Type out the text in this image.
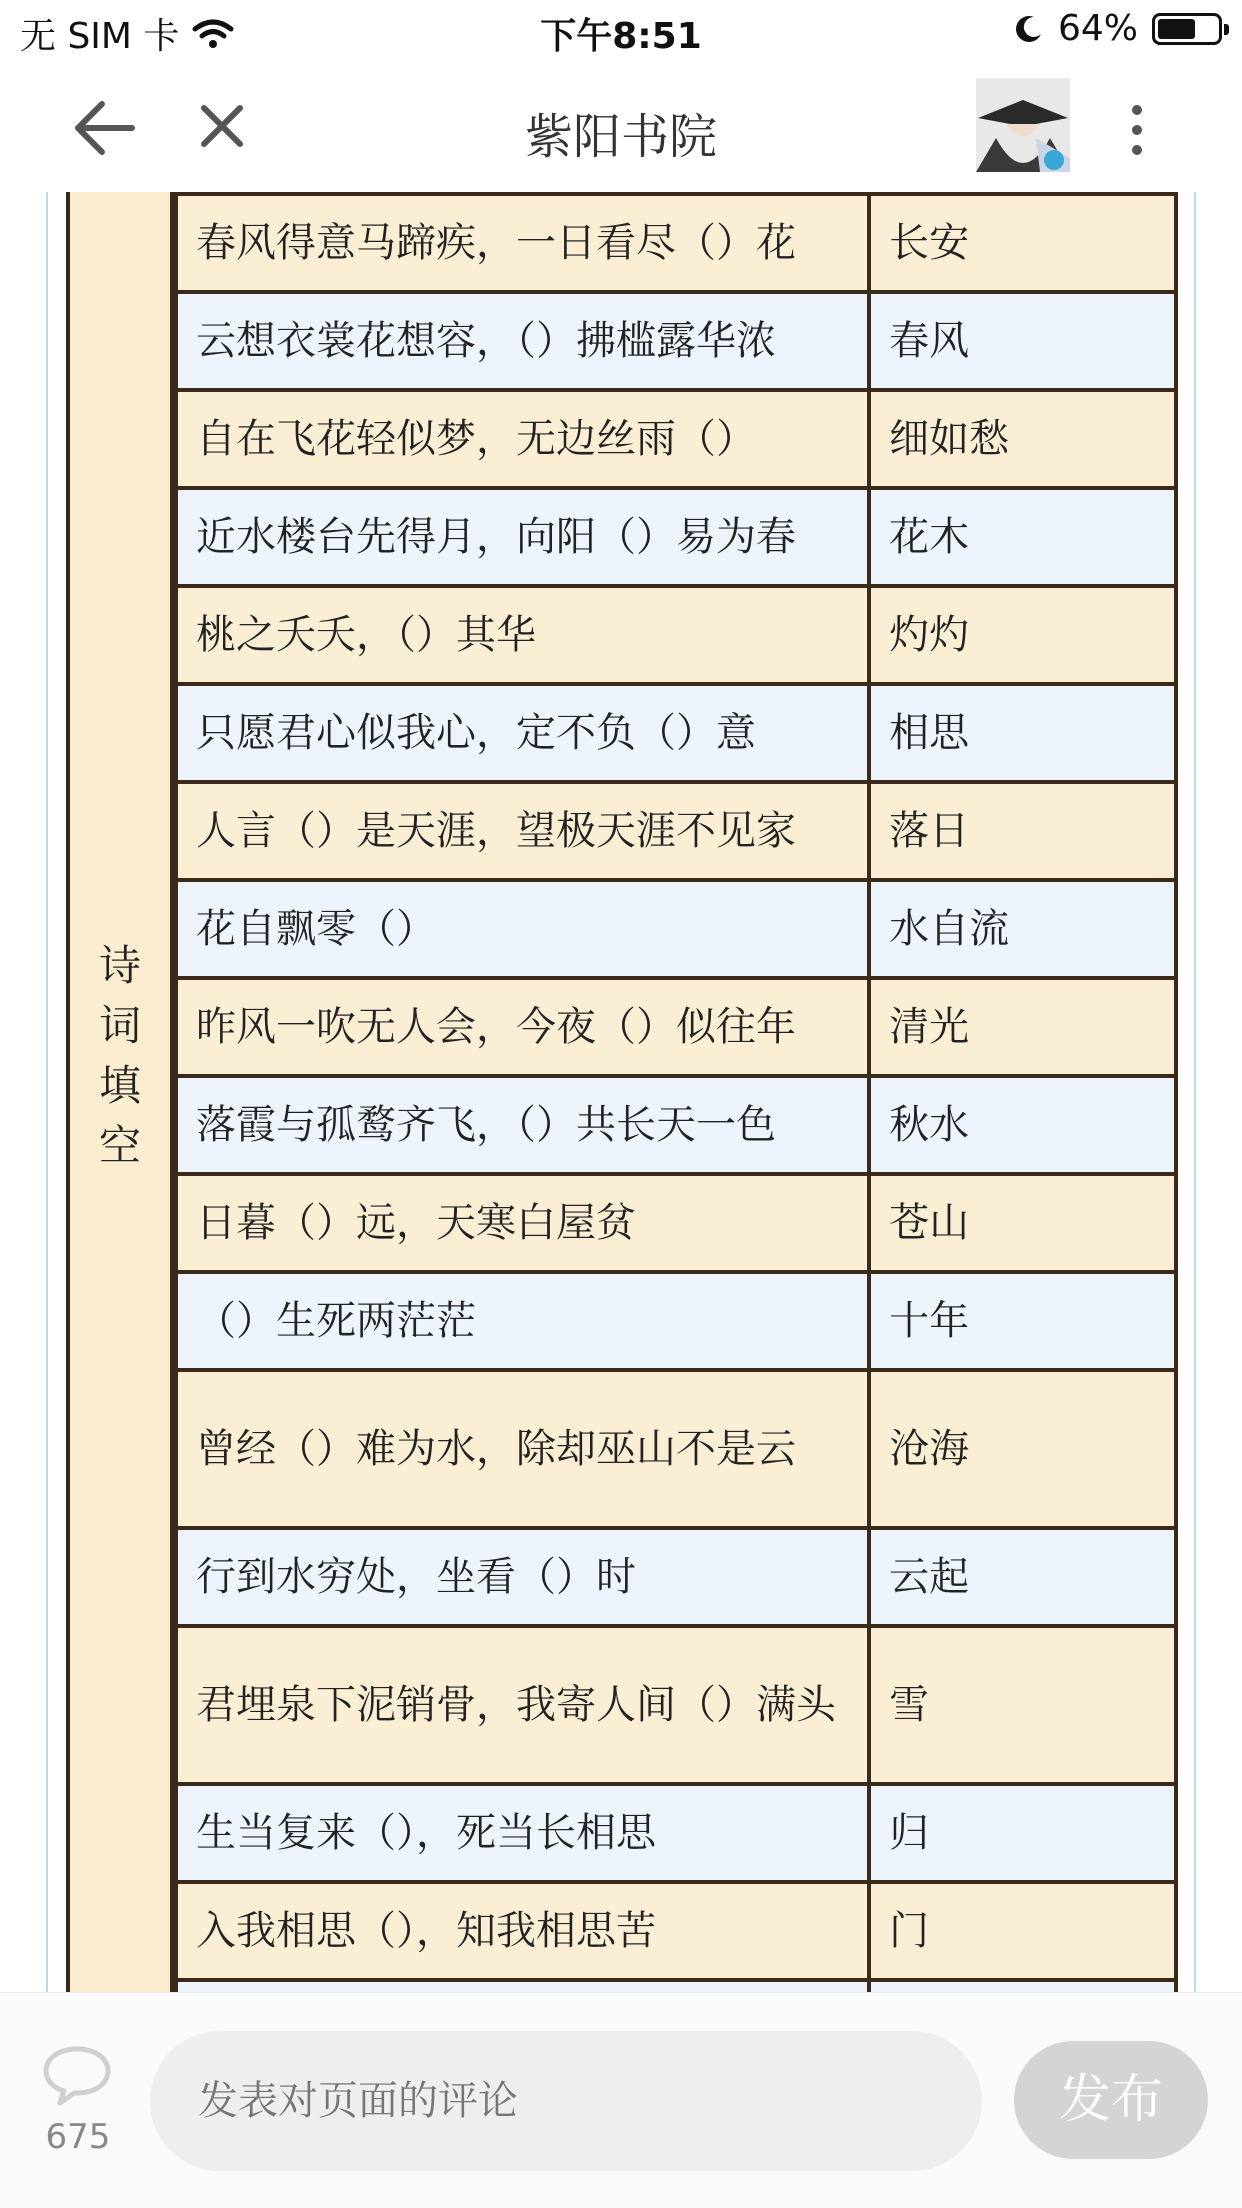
无 SIM 卡	下午8:51	64%
紫阳书院
诗词填空
春风得意马蹄疾，一日看尽（）花	长安
云想衣裳花想容，（）拂槛露华浓	春风
自在飞花轻似梦，无边丝雨（）	细如愁
近水楼台先得月，向阳（）易为春	花木
桃之夭夭，（）其华	灼灼
只愿君心似我心，定不负（）意	相思
人言（）是天涯，望极天涯不见家	落日
花自飘零（）	水自流
昨风一吹无人会，今夜（）似往年	清光
落霞与孤鹜齐飞，（）共长天一色	秋水
日暮（）远，天寒白屋贫	苍山
（）生死两茫茫	十年
曾经（）难为水，除却巫山不是云	沧海
行到水穷处，坐看（）时	云起
君埋泉下泥销骨，我寄人间（）满头	雪
生当复来（），死当长相思	归
入我相思（），知我相思苦	门

675
发表对页面的评论
发布
